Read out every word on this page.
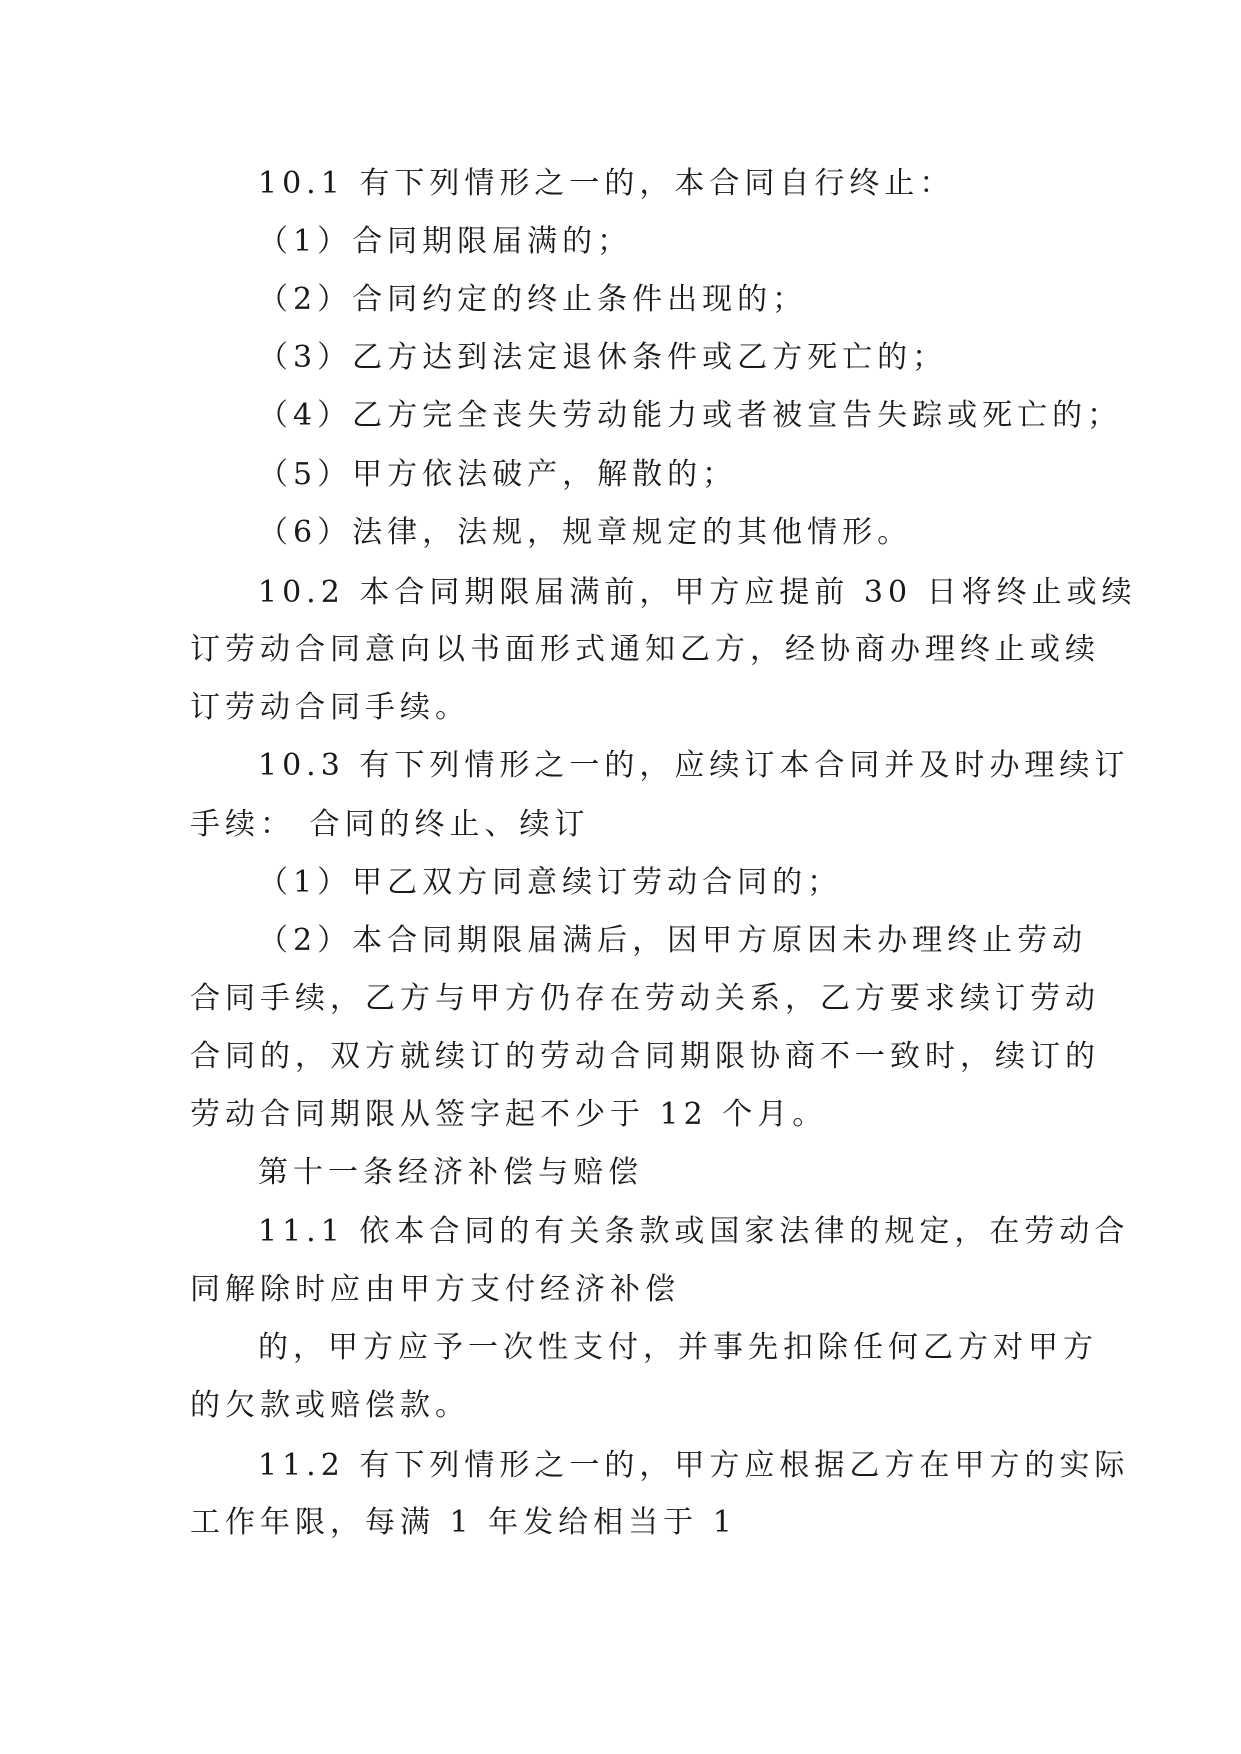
10.1 有下列情形之一的，本合同自行终止：
（1）合同期限届满的；
（2）合同约定的终止条件出现的；
（3）乙方达到法定退休条件或乙方死亡的；
（4）乙方完全丧失劳动能力或者被宣告失踪或死亡的；
（5）甲方依法破产，解散的；
（6）法律，法规，规章规定的其他情形。
10.2 本合同期限届满前，甲方应提前 30 日将终止或续
订劳动合同意向以书面形式通知乙方，经协商办理终止或续
订劳动合同手续。
10.3 有下列情形之一的，应续订本合同并及时办理续订
手续： 合同的终止、续订
（1）甲乙双方同意续订劳动合同的；
（2）本合同期限届满后，因甲方原因未办理终止劳动
合同手续，乙方与甲方仍存在劳动关系，乙方要求续订劳动
合同的，双方就续订的劳动合同期限协商不一致时，续订的
劳动合同期限从签字起不少于 12 个月。
第十一条经济补偿与赔偿
11.1 依本合同的有关条款或国家法律的规定，在劳动合
同解除时应由甲方支付经济补偿
的，甲方应予一次性支付，并事先扣除任何乙方对甲方
的欠款或赔偿款。
11.2 有下列情形之一的，甲方应根据乙方在甲方的实际
工作年限，每满 1 年发给相当于 1
